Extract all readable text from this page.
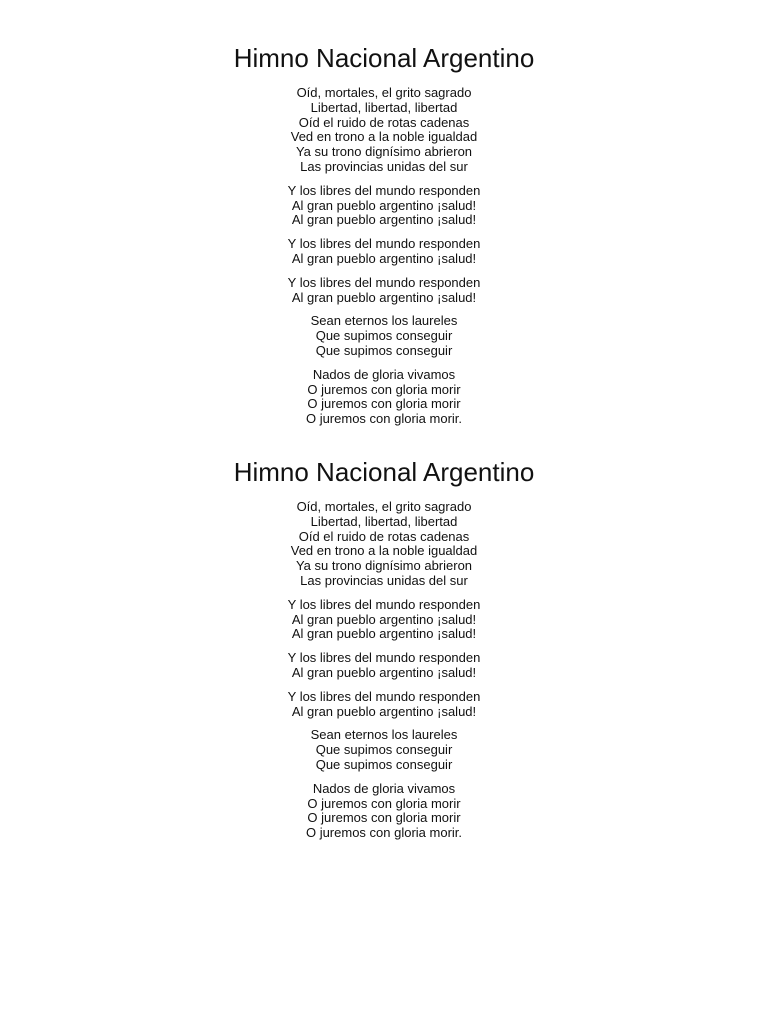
Himno Nacional Argentino
Oíd, mortales, el grito sagrado
Libertad, libertad, libertad
Oíd el ruido de rotas cadenas
Ved en trono a la noble igualdad
Ya su trono dignísimo abrieron
Las provincias unidas del sur
Y los libres del mundo responden
Al gran pueblo argentino ¡salud!
Al gran pueblo argentino ¡salud!
Y los libres del mundo responden
Al gran pueblo argentino ¡salud!
Y los libres del mundo responden
Al gran pueblo argentino ¡salud!
Sean eternos los laureles
Que supimos conseguir
Que supimos conseguir
Nados de gloria vivamos
O juremos con gloria morir
O juremos con gloria morir
O juremos con gloria morir.
Himno Nacional Argentino
Oíd, mortales, el grito sagrado
Libertad, libertad, libertad
Oíd el ruido de rotas cadenas
Ved en trono a la noble igualdad
Ya su trono dignísimo abrieron
Las provincias unidas del sur
Y los libres del mundo responden
Al gran pueblo argentino ¡salud!
Al gran pueblo argentino ¡salud!
Y los libres del mundo responden
Al gran pueblo argentino ¡salud!
Y los libres del mundo responden
Al gran pueblo argentino ¡salud!
Sean eternos los laureles
Que supimos conseguir
Que supimos conseguir
Nados de gloria vivamos
O juremos con gloria morir
O juremos con gloria morir
O juremos con gloria morir.
